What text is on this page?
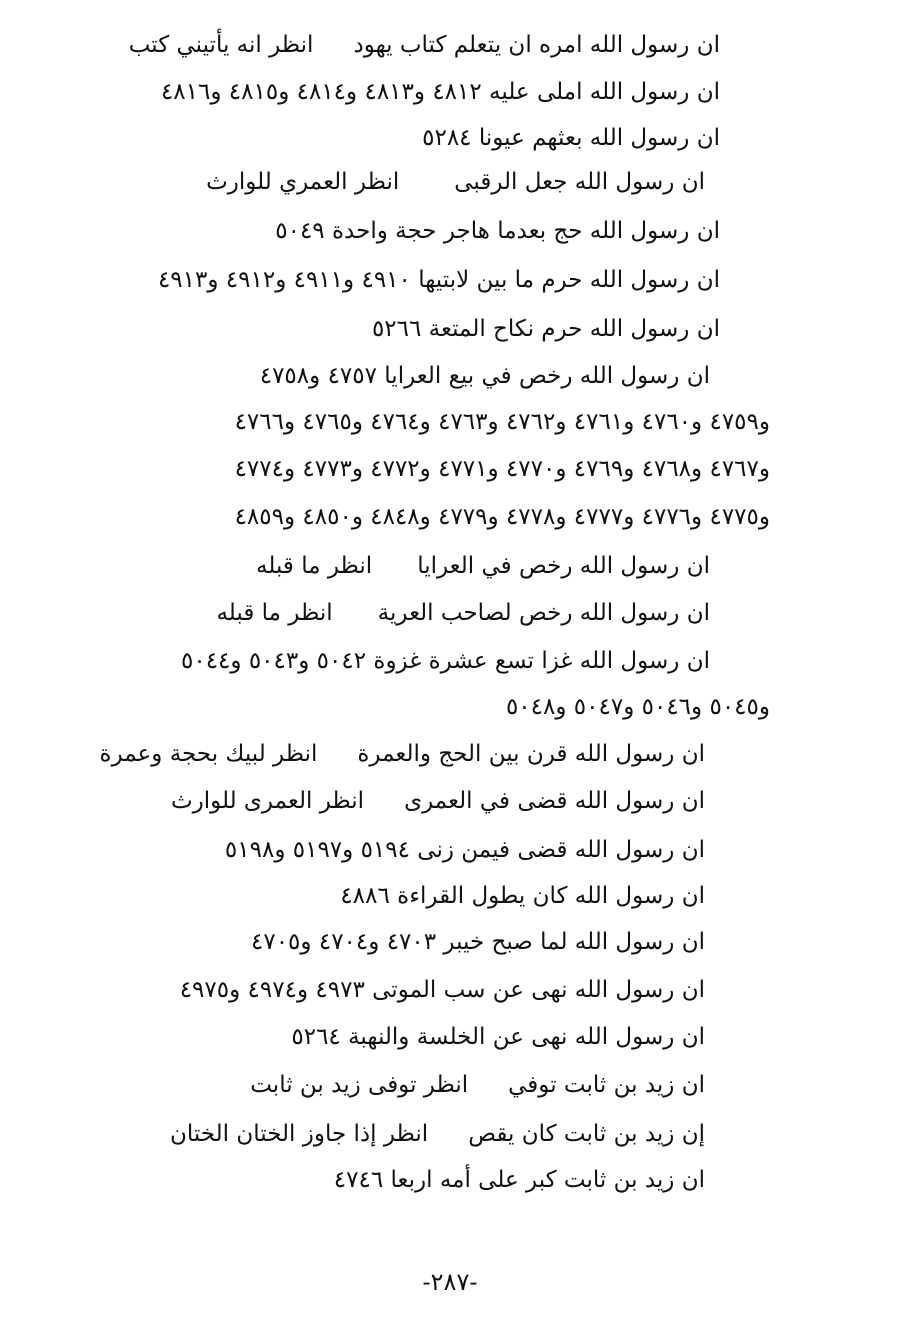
ان رسول الله امره ان يتعلم كتاب يهودانظر انه يأتيني كتب
ان رسول الله املى عليه ٤٨١٢ و٤٨١٣ و٤٨١٤ و٤٨١٥ و٤٨١٦
ان رسول الله بعثهم عيونا ٥٢٨٤
ان رسول الله جعل الرقبىانظر العمري للوارث
ان رسول الله حج بعدما هاجر حجة واحدة ٥٠٤٩
ان رسول الله حرم ما بين لابتيها ٤٩١٠ و٤٩١١ و٤٩١٢ و٤٩١٣
ان رسول الله حرم نكاح المتعة ٥٢٦٦
ان رسول الله رخص في بيع العرايا ٤٧٥٧ و٤٧٥٨
و٤٧٥٩ و٤٧٦٠ و٤٧٦١ و٤٧٦٢ و٤٧٦٣ و٤٧٦٤ و٤٧٦٥ و٤٧٦٦
و٤٧٦٧ و٤٧٦٨ و٤٧٦٩ و٤٧٧٠ و٤٧٧١ و٤٧٧٢ و٤٧٧٣ و٤٧٧٤
و٤٧٧٥ و٤٧٧٦ و٤٧٧٧ و٤٧٧٨ و٤٧٧٩ و٤٨٤٨ و٤٨٥٠ و٤٨٥٩
ان رسول الله رخص في العراياانظر ما قبله
ان رسول الله رخص لصاحب العريةانظر ما قبله
ان رسول الله غزا تسع عشرة غزوة ٥٠٤٢ و٥٠٤٣ و٥٠٤٤
و٥٠٤٥ و٥٠٤٦ و٥٠٤٧ و٥٠٤٨
ان رسول الله قرن بين الحج والعمرةانظر لبيك بحجة وعمرة
ان رسول الله قضى في العمرىانظر العمرى للوارث
ان رسول الله قضى فيمن زنى ٥١٩٤ و٥١٩٧ و٥١٩٨
ان رسول الله كان يطول القراءة ٤٨٨٦
ان رسول الله لما صبح خيبر ٤٧٠٣ و٤٧٠٤ و٤٧٠٥
ان رسول الله نهى عن سب الموتى ٤٩٧٣ و٤٩٧٤ و٤٩٧٥
ان رسول الله نهى عن الخلسة والنهبة ٥٢٦٤
ان زيد بن ثابت توفيانظر توفى زيد بن ثابت
إن زيد بن ثابت كان يقصانظر إذا جاوز الختان الختان
ان زيد بن ثابت كبر على أمه اربعا ٤٧٤٦
-٢٨٧-
